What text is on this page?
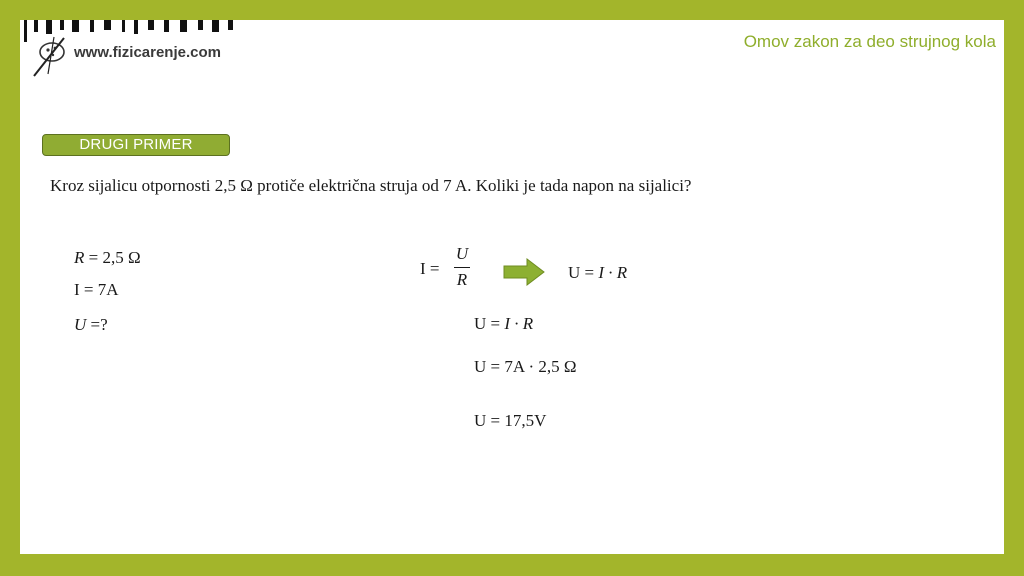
www.fizicarenje.com
Omov zakon za deo strujnog kola
DRUGI PRIMER
Kroz sijalicu otpornosti 2,5 Ω protiče električna struja od 7 A. Koliki je tada napon na sijalici?
R = 2,5 Ω
I = 7A
U =?
I =
U
R	U = I · R
U = I · R
U = 7A · 2,5 Ω
U = 17,5V
